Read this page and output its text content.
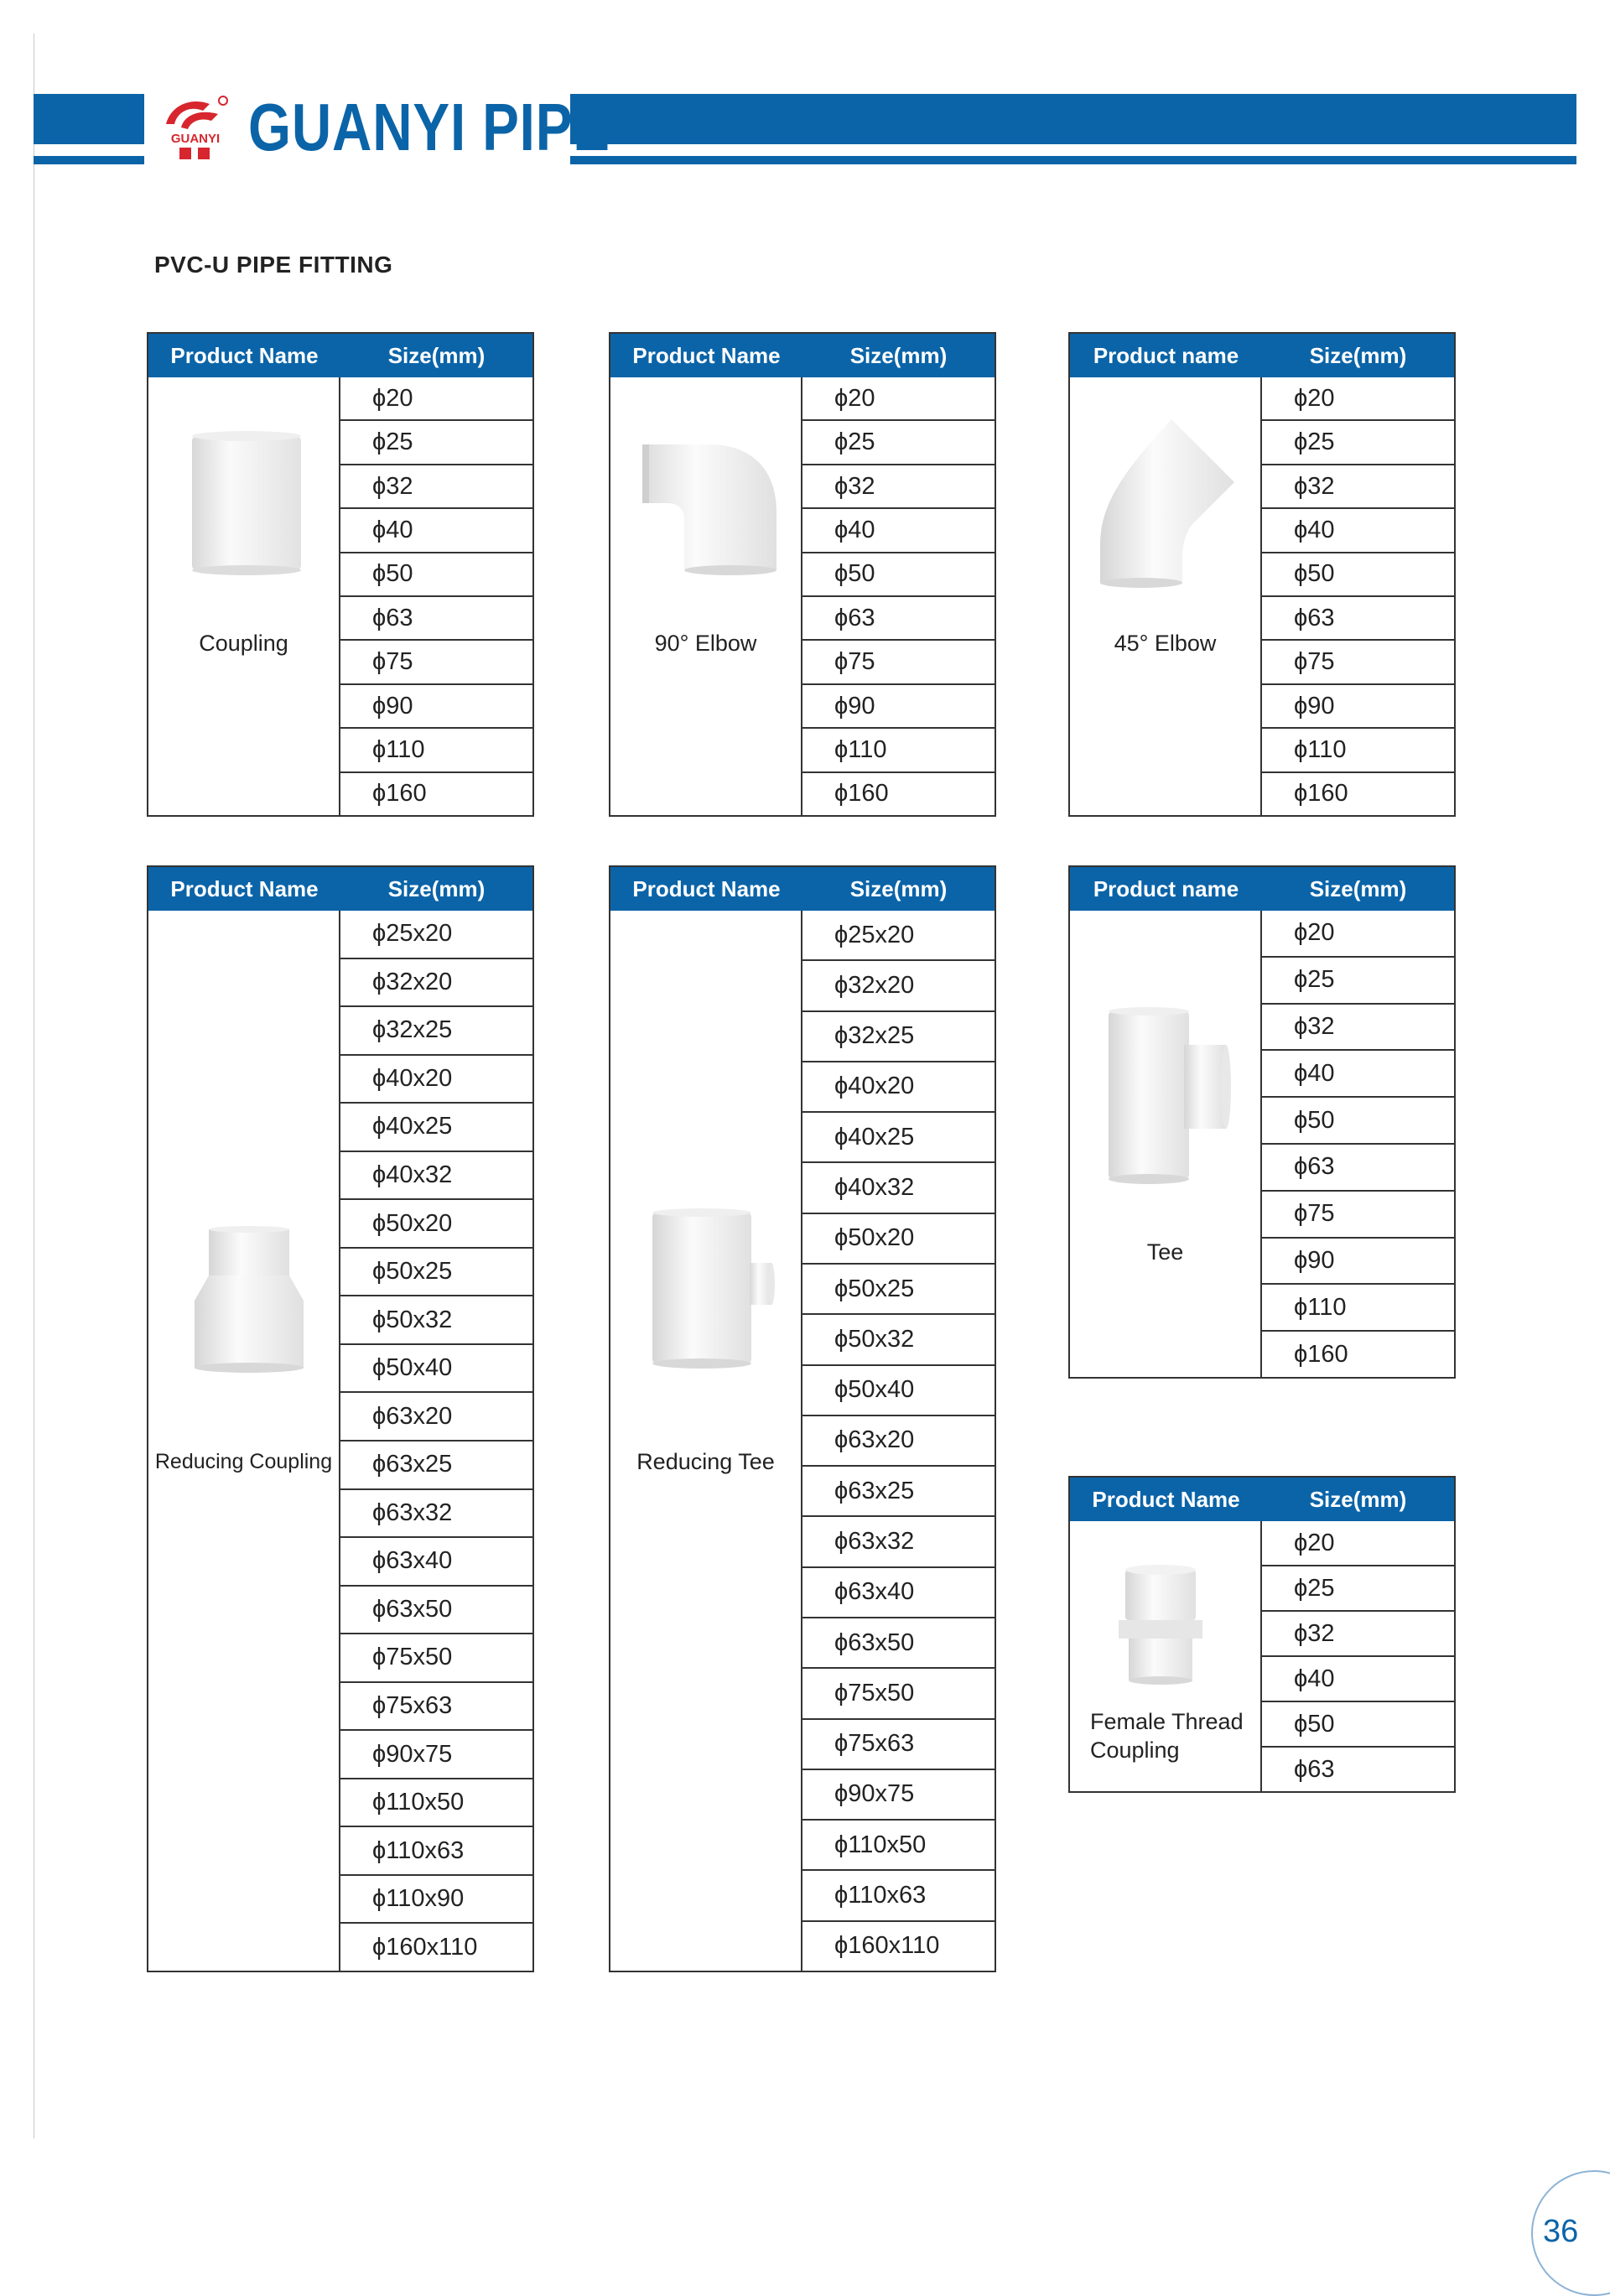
GUANYI GUANYI PIPE
PVC-U PIPE FITTING
Product Name	Size(mm)
Coupling
ϕ20
ϕ25
ϕ32
ϕ40
ϕ50
ϕ63
ϕ75
ϕ90
ϕ110
ϕ160
Product Name	Size(mm)
90° Elbow
ϕ20
ϕ25
ϕ32
ϕ40
ϕ50
ϕ63
ϕ75
ϕ90
ϕ110
ϕ160
Product name	Size(mm)
45° Elbow
ϕ20
ϕ25
ϕ32
ϕ40
ϕ50
ϕ63
ϕ75
ϕ90
ϕ110
ϕ160
Product Name	Size(mm)
Reducing Coupling
ϕ25x20
ϕ32x20
ϕ32x25
ϕ40x20
ϕ40x25
ϕ40x32
ϕ50x20
ϕ50x25
ϕ50x32
ϕ50x40
ϕ63x20
ϕ63x25
ϕ63x32
ϕ63x40
ϕ63x50
ϕ75x50
ϕ75x63
ϕ90x75
ϕ110x50
ϕ110x63
ϕ110x90
ϕ160x110
Product Name	Size(mm)
Reducing Tee
ϕ25x20
ϕ32x20
ϕ32x25
ϕ40x20
ϕ40x25
ϕ40x32
ϕ50x20
ϕ50x25
ϕ50x32
ϕ50x40
ϕ63x20
ϕ63x25
ϕ63x32
ϕ63x40
ϕ63x50
ϕ75x50
ϕ75x63
ϕ90x75
ϕ110x50
ϕ110x63
ϕ160x110
Product name	Size(mm)
Tee
ϕ20
ϕ25
ϕ32
ϕ40
ϕ50
ϕ63
ϕ75
ϕ90
ϕ110
ϕ160
Product Name	Size(mm)
Female Thread Coupling
ϕ20
ϕ25
ϕ32
ϕ40
ϕ50
ϕ63
36
